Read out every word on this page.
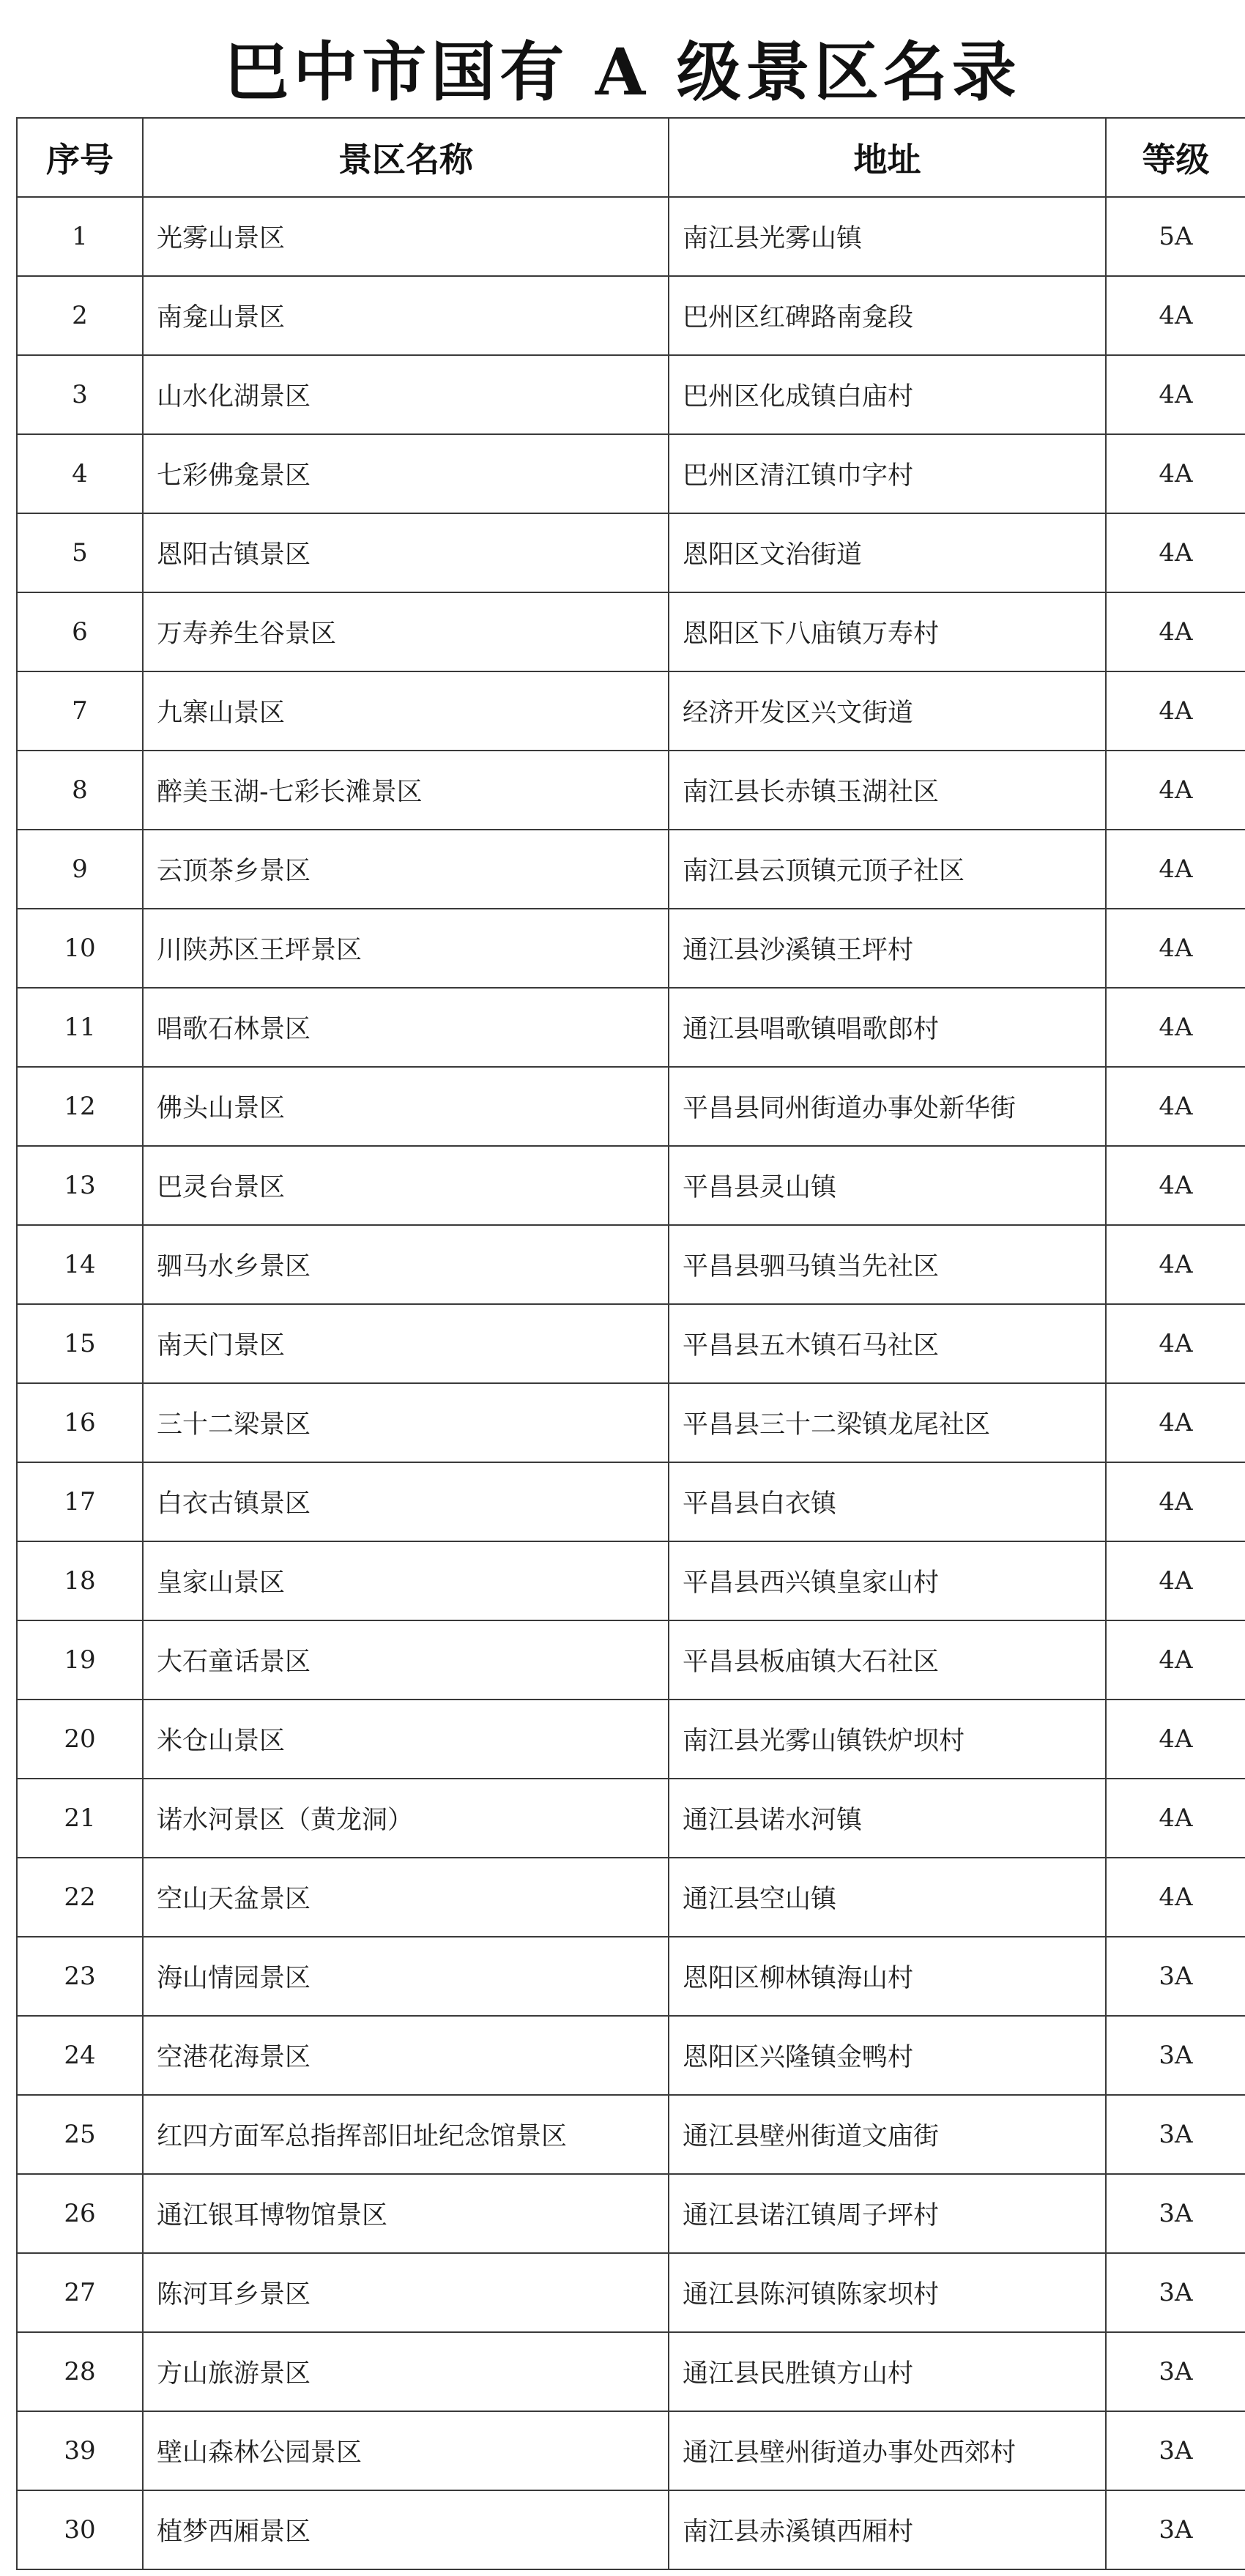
巴中市国有 A 级景区名录
序号	景区名称	地址	等级
1	光雾山景区	南江县光雾山镇	5A
2	南龛山景区	巴州区红碑路南龛段	4A
3	山水化湖景区	巴州区化成镇白庙村	4A
4	七彩佛龛景区	巴州区清江镇巾字村	4A
5	恩阳古镇景区	恩阳区文治街道	4A
6	万寿养生谷景区	恩阳区下八庙镇万寿村	4A
7	九寨山景区	经济开发区兴文街道	4A
8	醉美玉湖-七彩长滩景区	南江县长赤镇玉湖社区	4A
9	云顶茶乡景区	南江县云顶镇元顶子社区	4A
10	川陕苏区王坪景区	通江县沙溪镇王坪村	4A
11	唱歌石林景区	通江县唱歌镇唱歌郎村	4A
12	佛头山景区	平昌县同州街道办事处新华街	4A
13	巴灵台景区	平昌县灵山镇	4A
14	驷马水乡景区	平昌县驷马镇当先社区	4A
15	南天门景区	平昌县五木镇石马社区	4A
16	三十二梁景区	平昌县三十二梁镇龙尾社区	4A
17	白衣古镇景区	平昌县白衣镇	4A
18	皇家山景区	平昌县西兴镇皇家山村	4A
19	大石童话景区	平昌县板庙镇大石社区	4A
20	米仓山景区	南江县光雾山镇铁炉坝村	4A
21	诺水河景区（黄龙洞）	通江县诺水河镇	4A
22	空山天盆景区	通江县空山镇	4A
23	海山情园景区	恩阳区柳林镇海山村	3A
24	空港花海景区	恩阳区兴隆镇金鸭村	3A
25	红四方面军总指挥部旧址纪念馆景区	通江县壁州街道文庙街	3A
26	通江银耳博物馆景区	通江县诺江镇周子坪村	3A
27	陈河耳乡景区	通江县陈河镇陈家坝村	3A
28	方山旅游景区	通江县民胜镇方山村	3A
39	壁山森林公园景区	通江县壁州街道办事处西郊村	3A
30	植梦西厢景区	南江县赤溪镇西厢村	3A
